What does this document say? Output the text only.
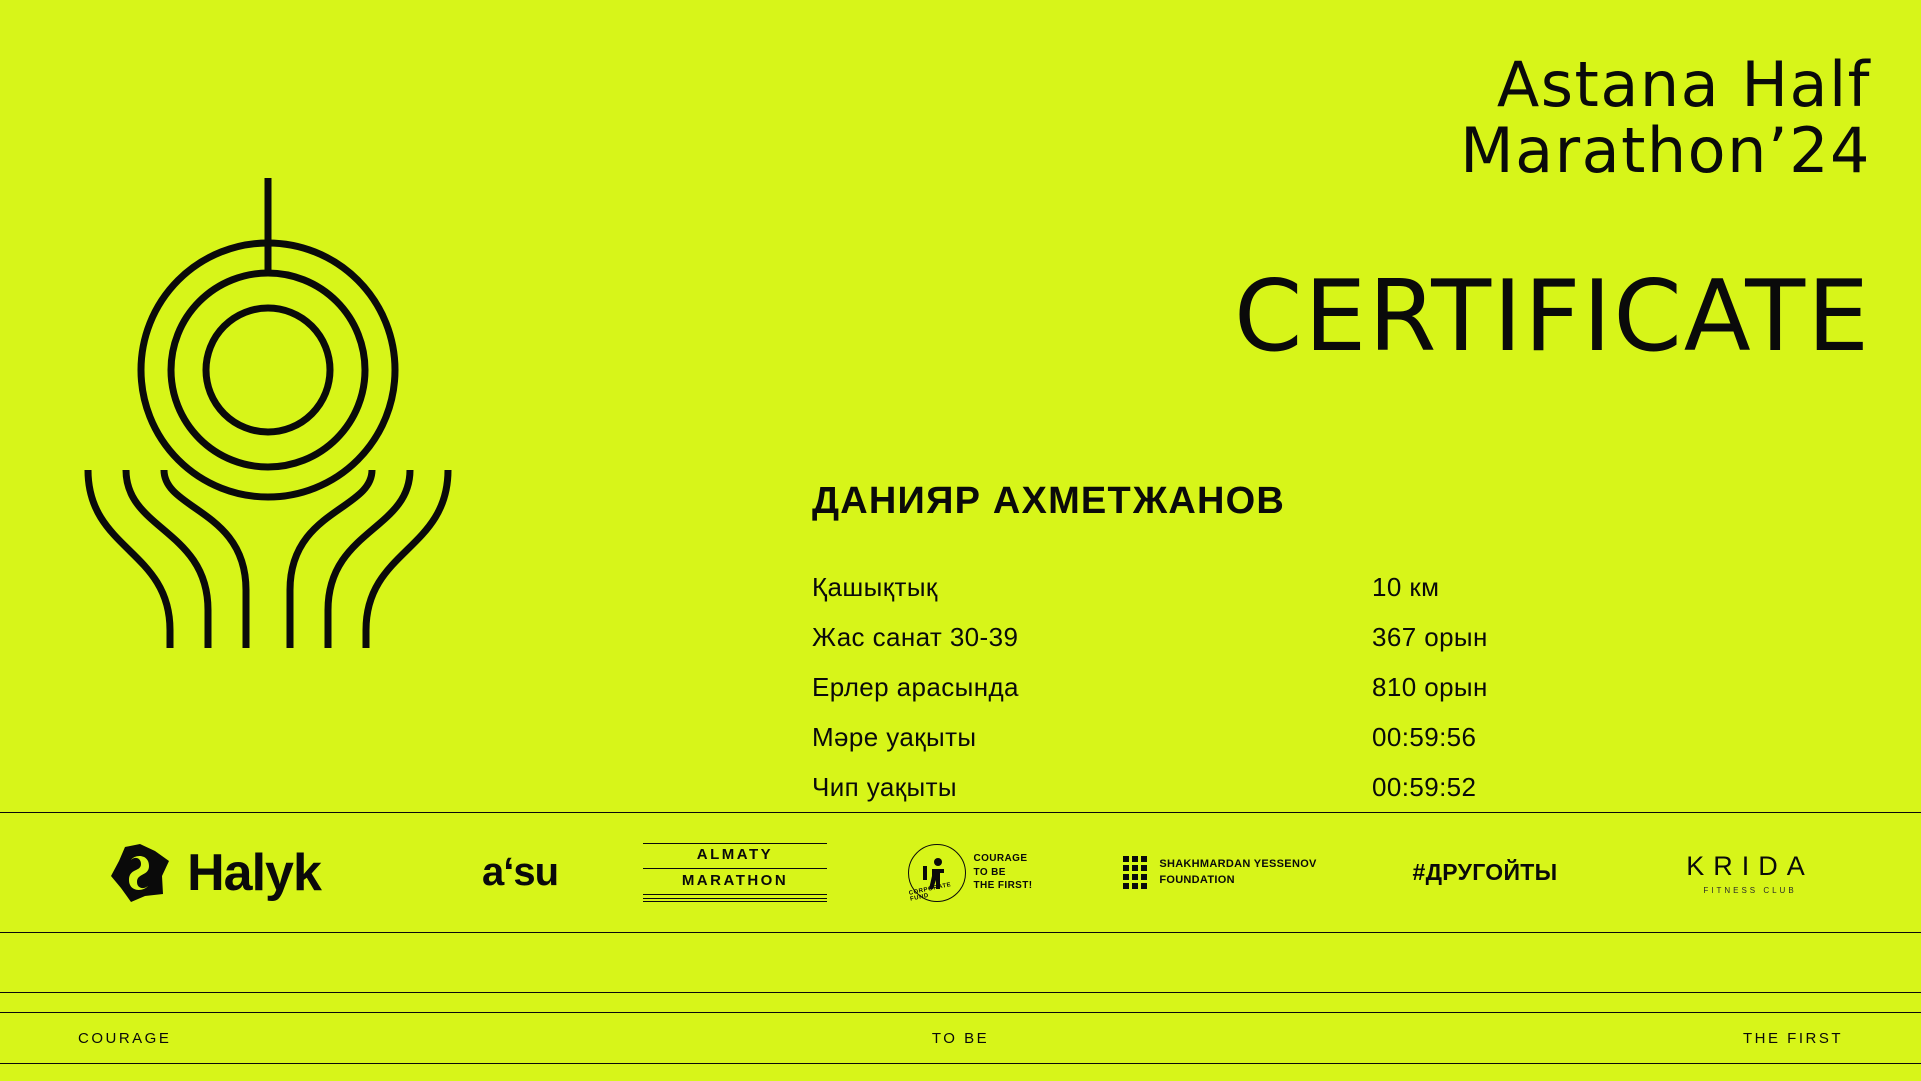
Astana Half
Marathon’24
CERTIFICATE
ДАНИЯР АХМЕТЖАНОВ
Қашықтық	10 км
Жас санат 30-39	367 орын
Ерлер арасында	810 орын
Мәре уақыты	00:59:56
Чип уақыты	00:59:52
Halyk	aʻsu	ALMATY
MARATHON	CORPORATE FUND
COURAGE
TO BE
THE FIRST!
SHAKHMARDAN YESSENOV
FOUNDATION	#ДРУГОЙТЫ	KRIDA
FITNESS CLUB
COURAGE	TO BE	THE FIRST
